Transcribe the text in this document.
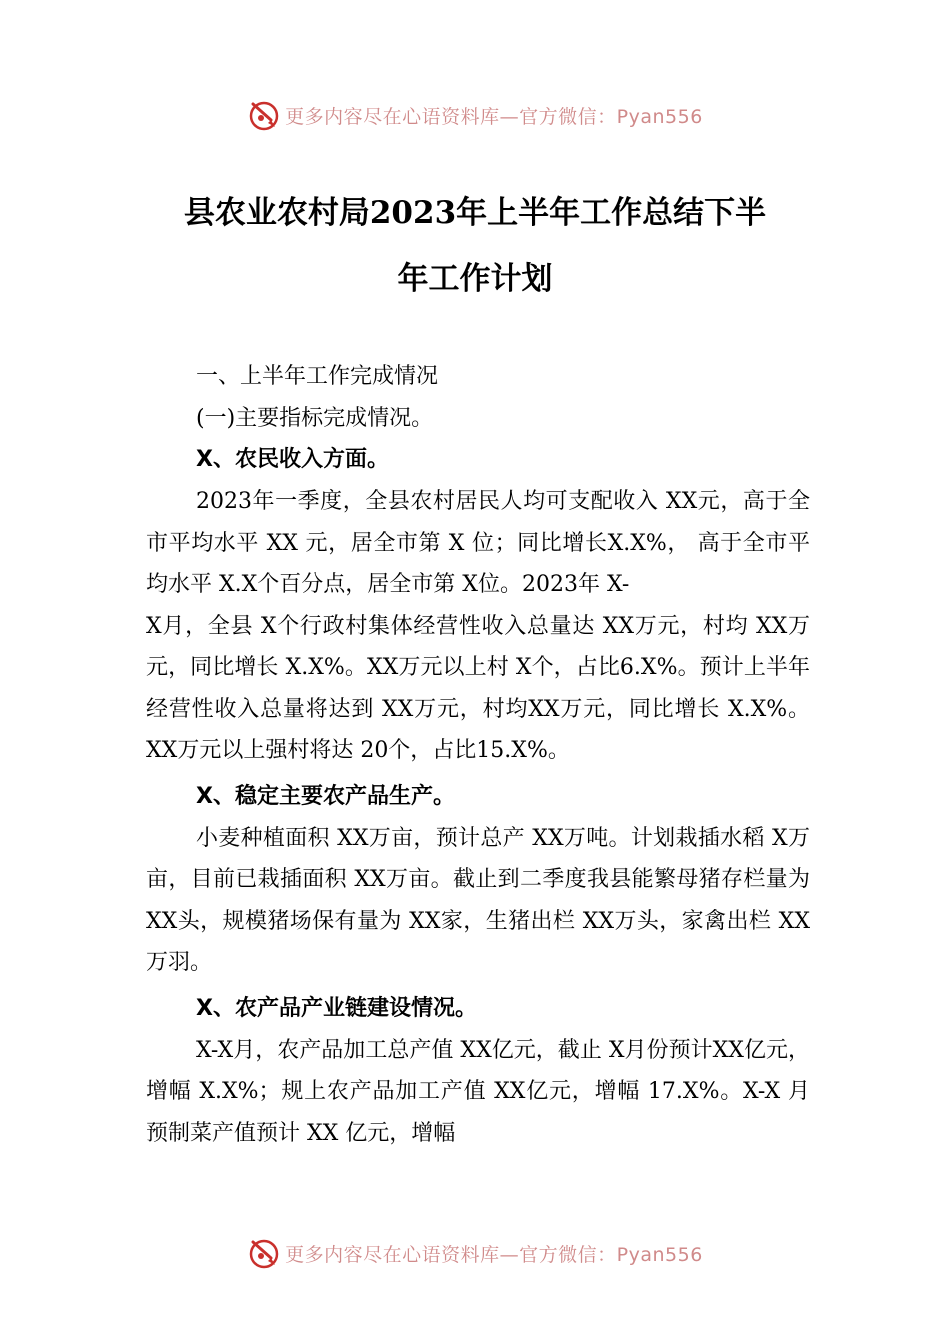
更多内容尽在心语资料库—官方微信：Pyan556
县农业农村局2023年上半年工作总结下半
年工作计划

一、上半年工作完成情况

(一)主要指标完成情况。

X、农民收入方面。

2023年一季度，全县农村居民人均可支配收入 XX元，高于全市平均水平 XX 元，居全市第 X 位；同比增长X.X%， 高于全市平均水平 X.X个百分点，居全市第 X位。2023年 X-

X月，全县 X个行政村集体经营性收入总量达 XX万元，村均 XX万元，同比增长 X.X%。XX万元以上村 X个，占比6.X%。预计上半年经营性收入总量将达到 XX万元，村均XX万元，同比增长 X.X%。XX万元以上强村将达 20个，占比15.X%。

X、稳定主要农产品生产。

小麦种植面积 XX万亩，预计总产 XX万吨。计划栽插水稻 X万亩，目前已栽插面积 XX万亩。截止到二季度我县能繁母猪存栏量为 XX头，规模猪场保有量为 XX家，生猪出栏 XX万头，家禽出栏 XX万羽。

X、农产品产业链建设情况。

X-X月，农产品加工总产值 XX亿元，截止 X月份预计XX亿元，增幅 X.X%；规上农产品加工产值 XX亿元，增幅 17.X%。X-X 月预制菜产值预计 XX 亿元，增幅

更多内容尽在心语资料库—官方微信：Pyan556
